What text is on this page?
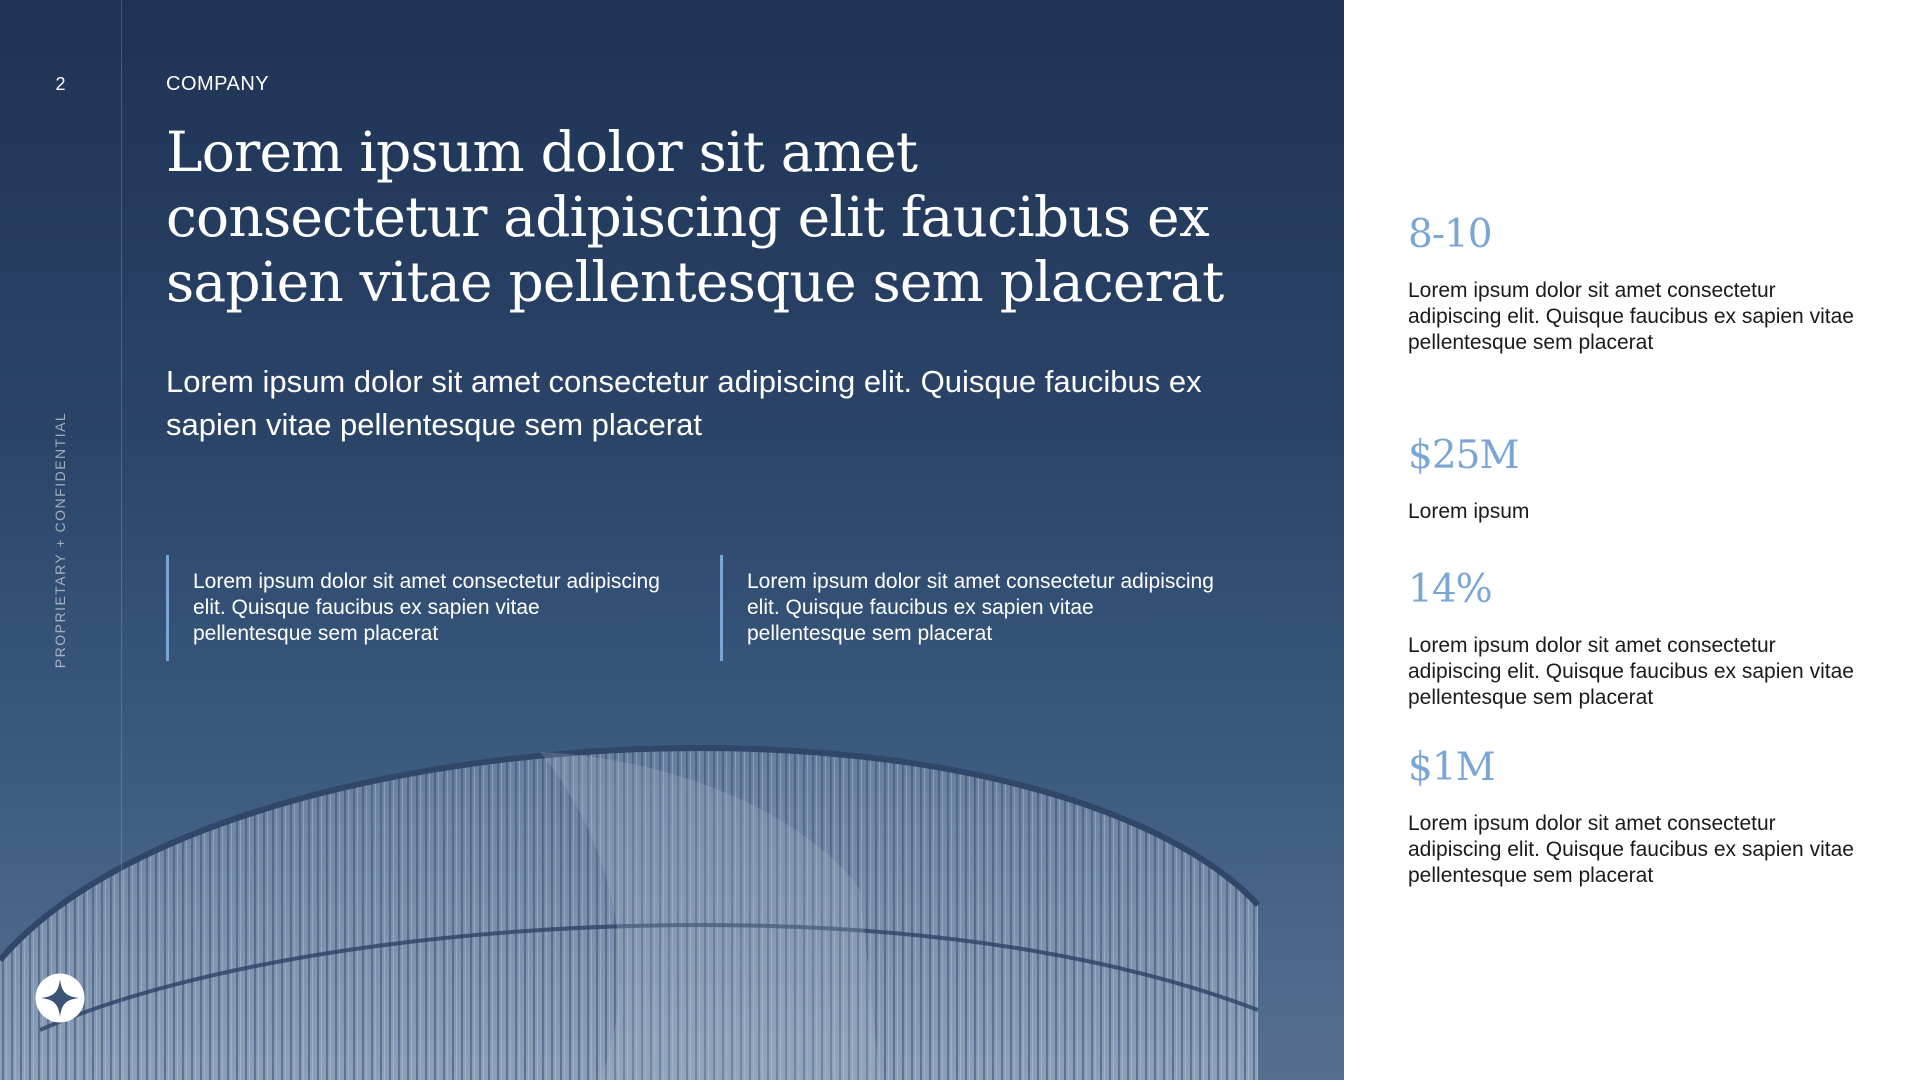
2
PROPRIETARY + CONFIDENTIAL
COMPANY
Lorem ipsum dolor sit amet consectetur adipiscing elit faucibus ex sapien vitae pellentesque sem placerat

Lorem ipsum dolor sit amet consectetur adipiscing elit. Quisque faucibus ex sapien vitae pellentesque sem placerat

Lorem ipsum dolor sit amet consectetur adipiscing elit. Quisque faucibus ex sapien vitae pellentesque sem placerat
Lorem ipsum dolor sit amet consectetur adipiscing elit. Quisque faucibus ex sapien vitae pellentesque sem placerat
8-10
Lorem ipsum dolor sit amet consectetur adipiscing elit. Quisque faucibus ex sapien vitae pellentesque sem placerat
$25M
Lorem ipsum
14%
Lorem ipsum dolor sit amet consectetur adipiscing elit. Quisque faucibus ex sapien vitae pellentesque sem placerat
$1M
Lorem ipsum dolor sit amet consectetur adipiscing elit. Quisque faucibus ex sapien vitae pellentesque sem placerat
